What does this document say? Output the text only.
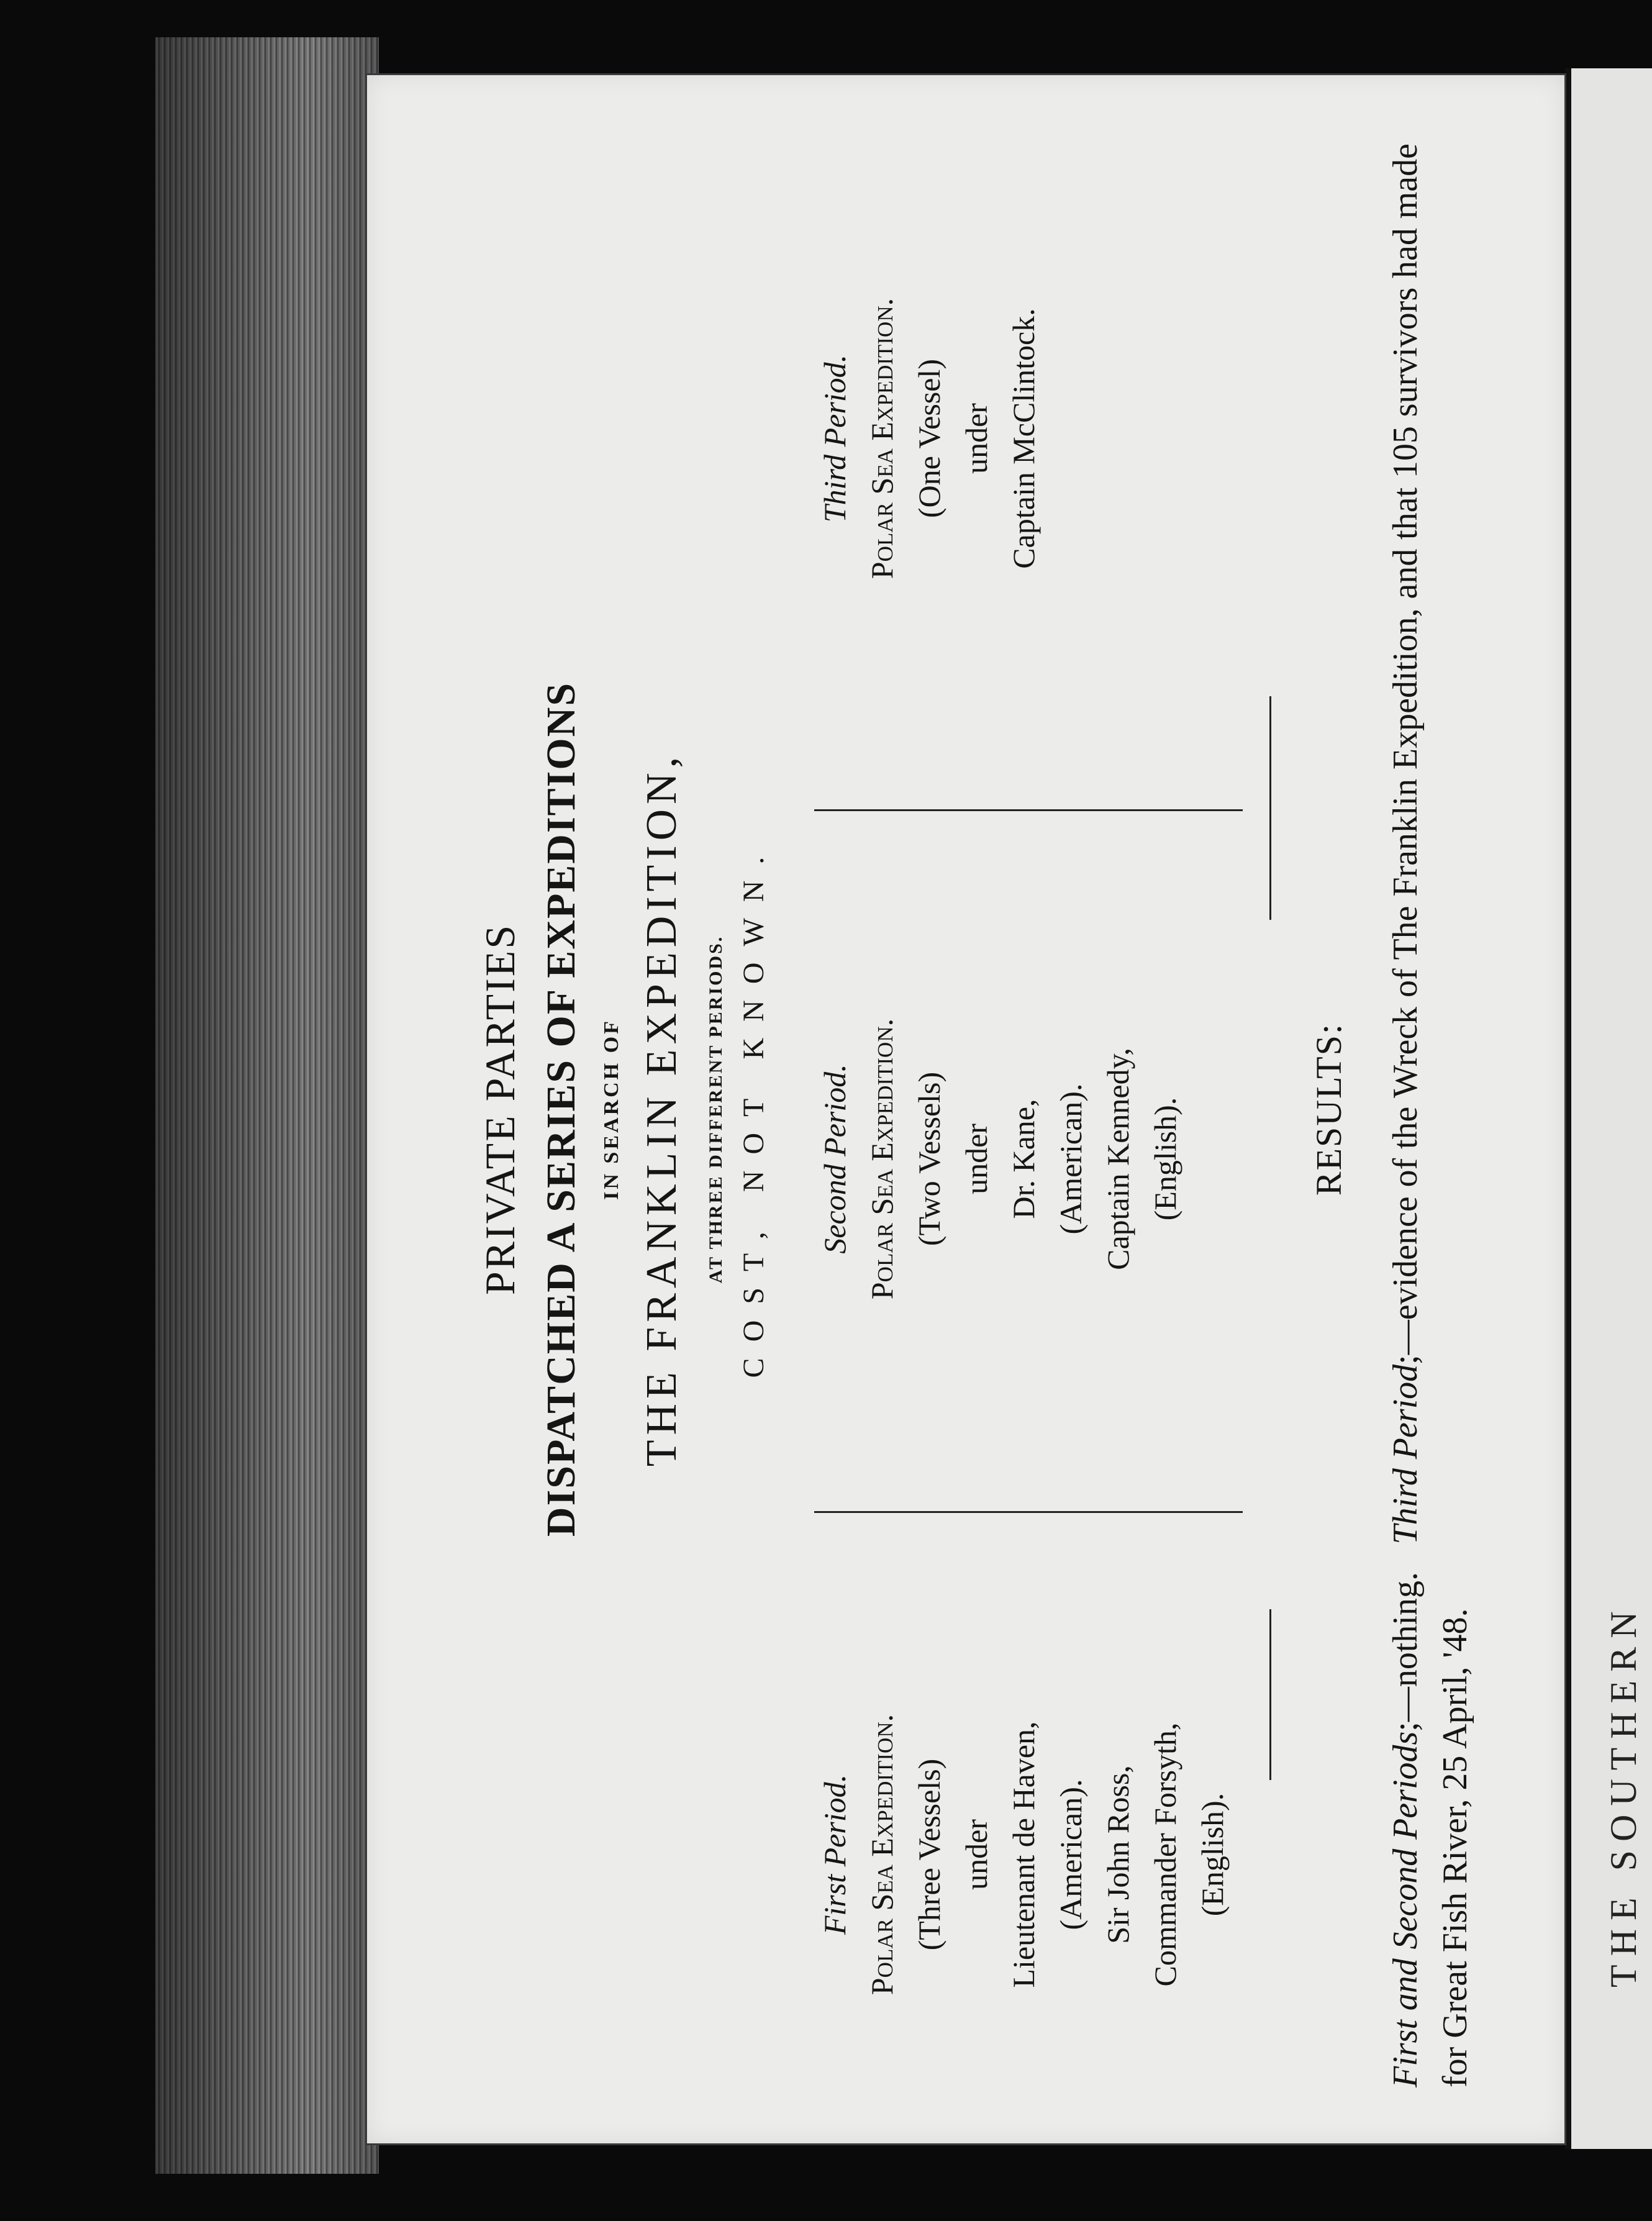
PRIVATE PARTIES DISPATCHED A SERIES OF EXPEDITIONS IN SEARCH OF THE FRANKLIN EXPEDITION, AT THREE DIFFERENT PERIODS. COST, NOT KNOWN.
First Period. Polar Sea Expedition. (Three Vessels) under Lieutenant de Haven, (American). Sir John Ross, Commander Forsyth, (English).
Second Period. Polar Sea Expedition. (Two Vessels) under Dr. Kane, (American). Captain Kennedy, (English).
Third Period. Polar Sea Expedition. (One Vessel) under Captain McClintock.
RESULTS:
First and Second Periods;—nothing.   Third Period;—evidence of the Wreck of The Franklin Expedition, and that 105 survivors had made for Great Fish River, 25 April, '48.
